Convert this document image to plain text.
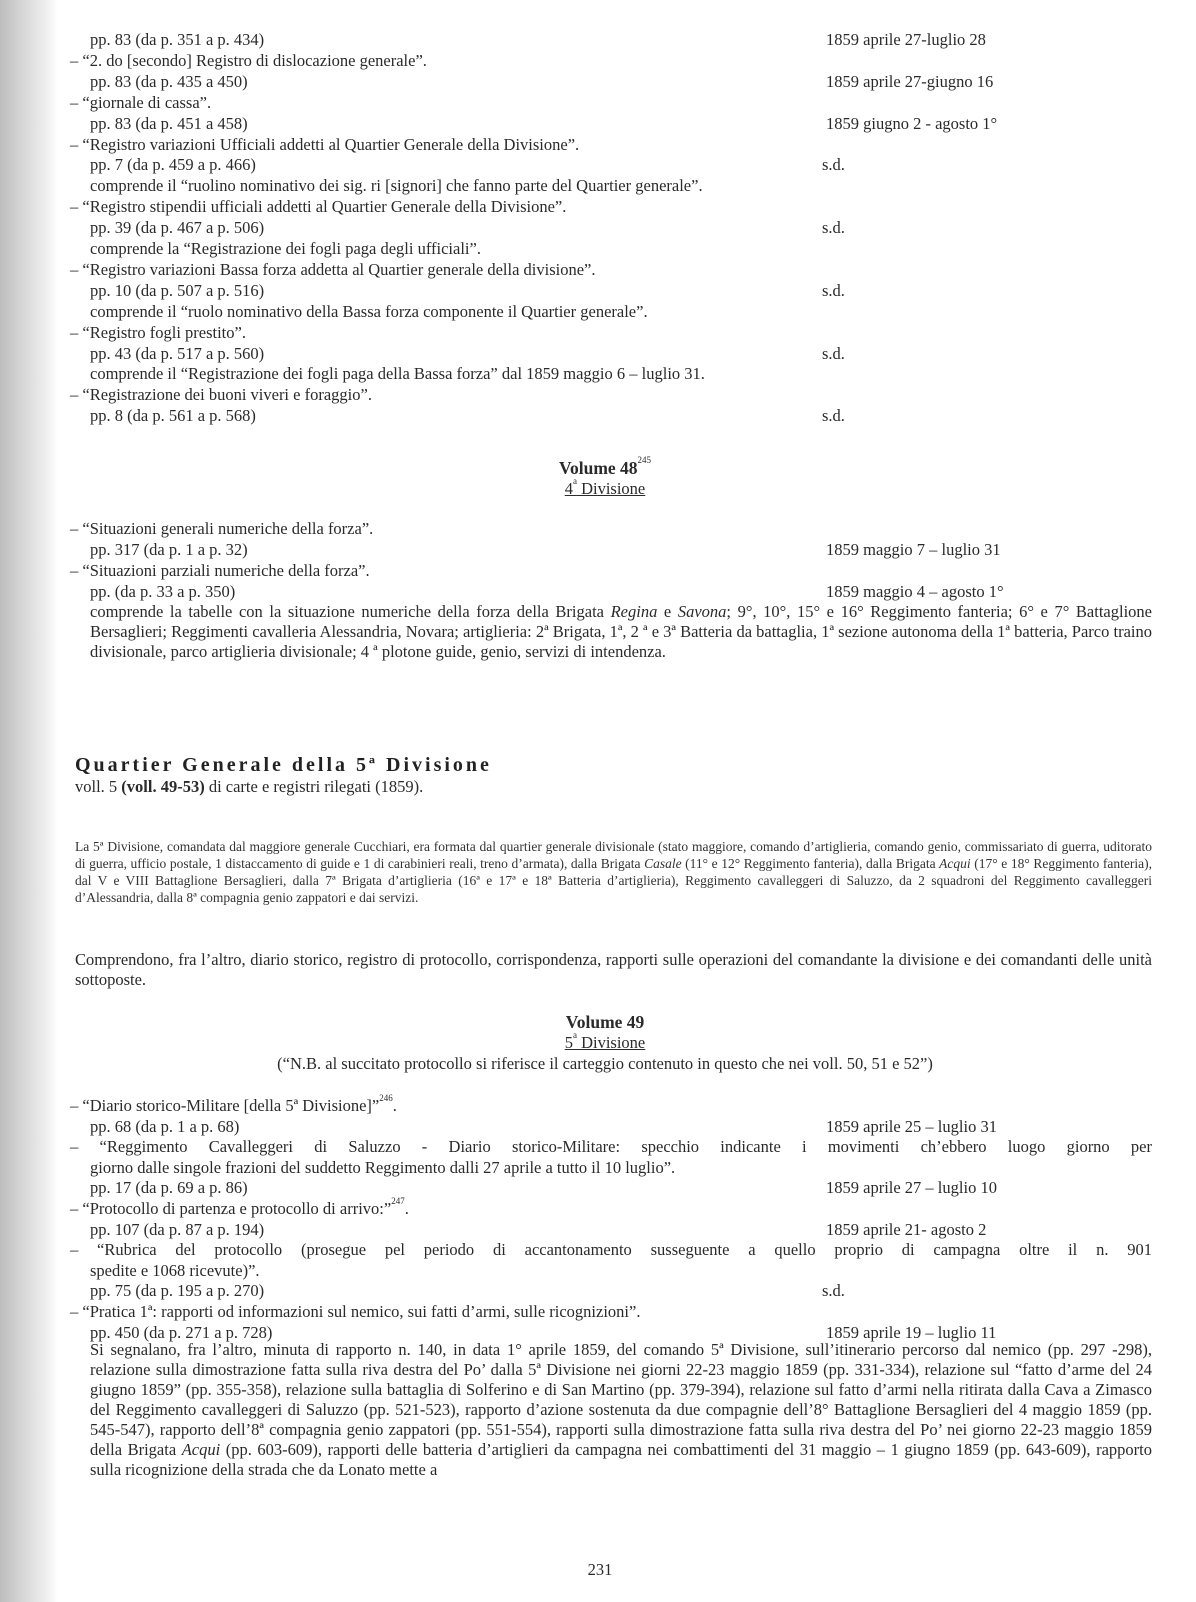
pp. 83 (da p. 351 a p. 434)	1859 aprile 27-luglio 28
– “2. do [secondo] Registro di dislocazione generale”.
pp. 83 (da p. 435 a 450)	1859 aprile 27-giugno 16
– “giornale di cassa”.
pp. 83 (da p. 451 a 458)	1859 giugno 2 - agosto 1°
– “Registro variazioni Ufficiali addetti al Quartier Generale della Divisione”.
pp. 7 (da p. 459 a p. 466)	s.d.
comprende il “ruolino nominativo dei sig. ri [signori] che fanno parte del Quartier generale”.
– “Registro stipendii ufficiali addetti al Quartier Generale della Divisione”.
pp. 39 (da p. 467 a p. 506)	s.d.
comprende la “Registrazione dei fogli paga degli ufficiali”.
– “Registro variazioni Bassa forza addetta al Quartier generale della divisione”.
pp. 10 (da p. 507 a p. 516)	s.d.
comprende il “ruolo nominativo della Bassa forza componente il Quartier generale”.
– “Registro fogli prestito”.
pp. 43 (da p. 517 a p. 560)	s.d.
comprende il “Registrazione dei fogli paga della Bassa forza” dal 1859 maggio 6 – luglio 31.
– “Registrazione dei buoni viveri e foraggio”.
pp. 8 (da p. 561 a p. 568)	s.d.
Volume $48^{245}$
4$^a$ Divisione
– “Situazioni generali numeriche della forza”.
pp. 317 (da p. 1 a p. 32)	1859 maggio 7 – luglio 31
– “Situazioni parziali numeriche della forza”.
pp. (da p. 33 a p. 350)	1859 maggio 4 – agosto 1°
comprende la tabelle con la situazione numeriche della forza della Brigata Regina e Savona; 9°, 10°, 15° e 16° Reggimento fanteria; 6° e 7° Battaglione Bersaglieri; Reggimenti cavalleria Alessandria, Novara; artiglieria: 2ª Brigata, 1ª, 2 ª e 3ª Batteria da battaglia, 1ª sezione autonoma della 1ª batteria, Parco traino divisionale, parco artiglieria divisionale; 4 ª plotone guide, genio, servizi di intendenza.
Quartier Generale della 5ª Divisione
voll. 5 (voll. 49-53) di carte e registri rilegati (1859).
La 5ª Divisione, comandata dal maggiore generale Cucchiari, era formata dal quartier generale divisionale (stato maggiore, comando d’artiglieria, comando genio, commissariato di guerra, uditorato di guerra, ufficio postale, 1 distaccamento di guide e 1 di carabinieri reali, treno d’armata), dalla Brigata Casale (11° e 12° Reggimento fanteria), dalla Brigata Acqui (17° e 18° Reggimento fanteria), dal V e VIII Battaglione Bersaglieri, dalla 7ª Brigata d’artiglieria (16ª e 17ª e 18ª Batteria d’artiglieria), Reggimento cavalleggeri di Saluzzo, da 2 squadroni del Reggimento cavalleggeri d’Alessandria, dalla 8ª compagnia genio zappatori e dai servizi.
Comprendono, fra l’altro, diario storico, registro di protocollo, corrispondenza, rapporti sulle operazioni del comandante la divisione e dei comandanti delle unità sottoposte.
Volume 49
5$^a$ Divisione
(“N.B. al succitato protocollo si riferisce il carteggio contenuto in questo che nei voll. 50, 51 e 52”)
– “Diario storico-Militare [della 5ª Divisione]”$^{246}$.
pp. 68 (da p. 1 a p. 68)	1859 aprile 25 – luglio 31
– “Reggimento Cavalleggeri di Saluzzo - Diario storico-Militare: specchio indicante i movimenti ch’ebbero luogo giorno per
giorno dalle singole frazioni del suddetto Reggimento dalli 27 aprile a tutto il 10 luglio”.
pp. 17 (da p. 69 a p. 86)	1859 aprile 27 – luglio 10
– “Protocollo di partenza e protocollo di arrivo:”$^{247}$.
pp. 107 (da p. 87 a p. 194)	1859 aprile 21- agosto 2
– “Rubrica del protocollo (prosegue pel periodo di accantonamento susseguente a quello proprio di campagna oltre il n. 901
spedite e 1068 ricevute)”.
pp. 75 (da p. 195 a p. 270)	s.d.
– “Pratica 1ª: rapporti od informazioni sul nemico, sui fatti d’armi, sulle ricognizioni”.
pp. 450 (da p. 271 a p. 728)	1859 aprile 19 – luglio 11
Si segnalano, fra l’altro, minuta di rapporto n. 140, in data 1° aprile 1859, del comando 5ª Divisione, sull’itinerario percorso dal nemico (pp. 297 -298), relazione sulla dimostrazione fatta sulla riva destra del Po’ dalla 5ª Divisione nei giorni 22-23 maggio 1859 (pp. 331-334), relazione sul “fatto d’arme del 24 giugno 1859” (pp. 355-358), relazione sulla battaglia di Solferino e di San Martino (pp. 379-394), relazione sul fatto d’armi nella ritirata dalla Cava a Zimasco del Reggimento cavalleggeri di Saluzzo (pp. 521-523), rapporto d’azione sostenuta da due compagnie dell’8° Battaglione Bersaglieri del 4 maggio 1859 (pp. 545-547), rapporto dell’8ª compagnia genio zappatori (pp. 551-554), rapporti sulla dimostrazione fatta sulla riva destra del Po’ nei giorno 22-23 maggio 1859 della Brigata Acqui (pp. 603-609), rapporti delle batteria d’artiglieri da campagna nei combattimenti del 31 maggio – 1 giugno 1859 (pp. 643-609), rapporto sulla ricognizione della strada che da Lonato mette a
231
